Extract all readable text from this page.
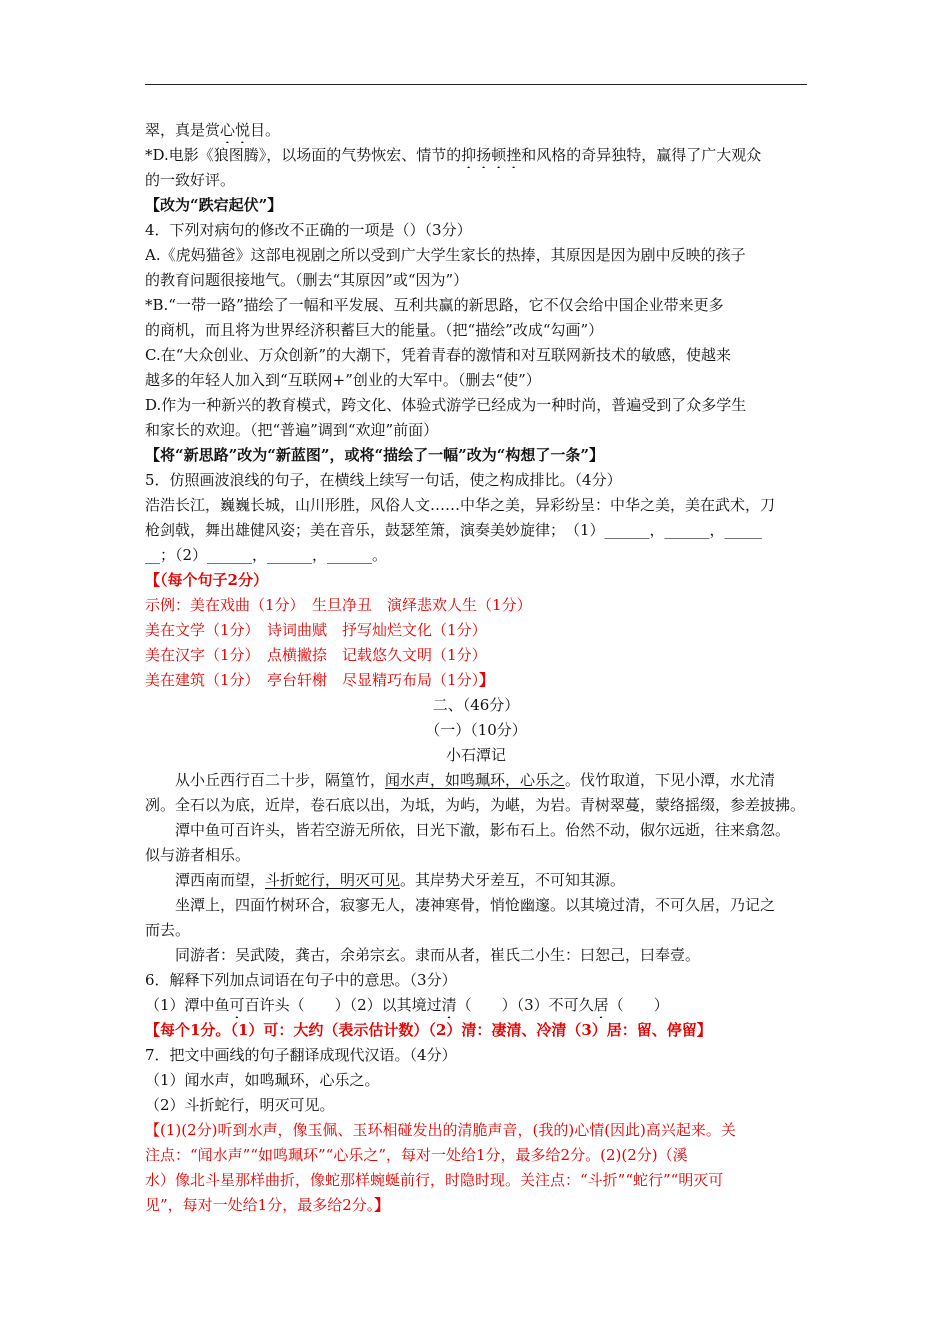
翠，真是赏心悦目。
*D.电影《狼图腾》，以场面的气势恢宏、情节的抑扬顿挫和风格的奇异独特，赢得了广大观众
的一致好评。
【改为“跌宕起伏”】
4．下列对病句的修改不正确的一项是（）（3分）
A.《虎妈猫爸》这部电视剧之所以受到广大学生家长的热捧，其原因是因为剧中反映的孩子
的教育问题很接地气。（删去“其原因”或“因为”）
*B.“一带一路”描绘了一幅和平发展、互利共赢的新思路，它不仅会给中国企业带来更多
的商机，而且将为世界经济积蓄巨大的能量。（把“描绘”改成“勾画”）
C.在“大众创业、万众创新”的大潮下，凭着青春的激情和对互联网新技术的敏感，使越来
越多的年轻人加入到“互联网+”创业的大军中。（删去“使”）
D.作为一种新兴的教育模式，跨文化、体验式游学已经成为一种时尚，普遍受到了众多学生
和家长的欢迎。（把“普遍”调到“欢迎”前面）
【将“新思路”改为“新蓝图”，或将“描绘了一幅”改为“构想了一条”】
5．仿照画波浪线的句子，在横线上续写一句话，使之构成排比。（4分）
浩浩长江，巍巍长城，山川形胜，风俗人文……中华之美，异彩纷呈：中华之美，美在武术，刀
枪剑戟，舞出雄健风姿；美在音乐，鼓瑟笙箫，演奏美妙旋律；　（1）______，______，_____
__；（2）______，______，______。
【（每个句子2分）
示例：美在戏曲（1分）　生旦净丑　演绎悲欢人生（1分）
美在文学（1分）　诗词曲赋　抒写灿烂文化（1分）
美在汉字（1分）　点横撇捺　记载悠久文明（1分）
美在建筑（1分）　亭台轩榭　尽显精巧布局（1分）】
二、（46分）
（一）（10分）
小石潭记
从小丘西行百二十步，隔篁竹，闻水声，如鸣珮环，心乐之。伐竹取道，下见小潭，水尤清
冽。全石以为底，近岸，卷石底以出，为坻，为屿，为嵁，为岩。青树翠蔓，蒙络摇缀，参差披拂。
潭中鱼可百许头，皆若空游无所依，日光下澈，影布石上。佁然不动，俶尔远逝，往来翕忽。
似与游者相乐。
潭西南而望，斗折蛇行，明灭可见。其岸势犬牙差互，不可知其源。
坐潭上，四面竹树环合，寂寥无人，凄神寒骨，悄怆幽邃。以其境过清，不可久居，乃记之
而去。
同游者：吴武陵，龚古，余弟宗玄。隶而从者，崔氏二小生：曰恕己，曰奉壹。
6．解释下列加点词语在句子中的意思。（3分）
（1）潭中鱼可百许头（　　）（2）以其境过清（　　）（3）不可久居（　　）
【每个1分。（1）可：大约（表示估计数）（2）清：凄清、冷清（3）居：留、停留】
7．把文中画线的句子翻译成现代汉语。（4分）
（1）闻水声，如鸣珮环，心乐之。
（2）斗折蛇行，明灭可见。
【(1)(2分)听到水声，像玉佩、玉环相碰发出的清脆声音，(我的)心情(因此)高兴起来。关
注点：“闻水声”“如鸣珮环”“心乐之”，每对一处给1分，最多给2分。(2)(2分)（溪
水）像北斗星那样曲折，像蛇那样蜿蜒前行，时隐时现。关注点：“斗折”“蛇行”“明灭可
见”，每对一处给1分，最多给2分。】
